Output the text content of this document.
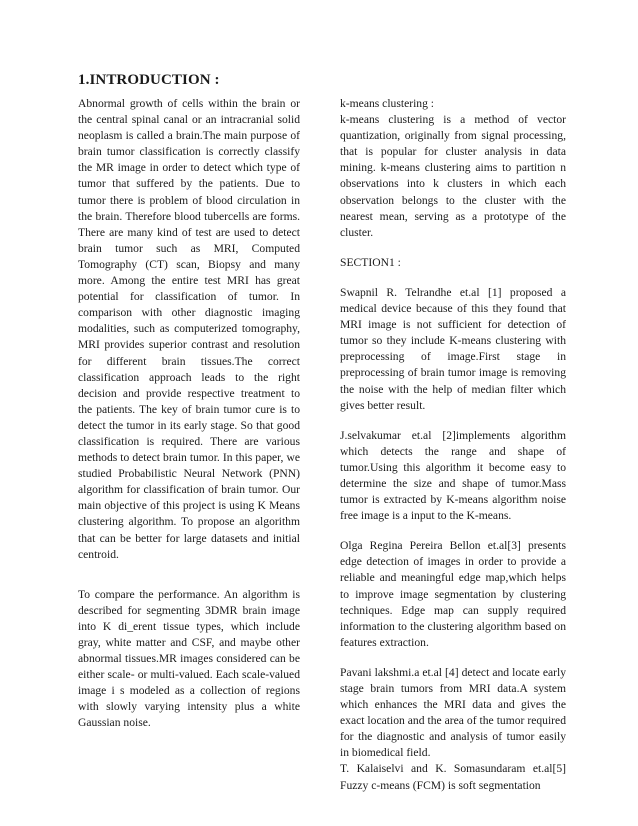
1.INTRODUCTION :

Abnormal growth of cells within the brain or the central spinal canal or an intracranial solid neoplasm is called a brain.The main purpose of brain tumor classification is correctly classify the MR image in order to detect which type of tumor that suffered by the patients. Due to tumor there is problem of blood circulation in the brain. Therefore blood tubercells are forms. There are many kind of test are used to detect brain tumor such as MRI, Computed Tomography (CT) scan, Biopsy and many more. Among the entire test MRI has great potential for classification of tumor. In comparison with other diagnostic imaging modalities, such as computerized tomography, MRI provides superior contrast and resolution for different brain tissues.The correct classification approach leads to the right decision and provide respective treatment to the patients. The key of brain tumor cure is to detect the tumor in its early stage. So that good classification is required. There are various methods to detect brain tumor. In this paper, we studied Probabilistic Neural Network (PNN) algorithm for classification of brain tumor. Our main objective of this project is using K Means clustering algorithm. To propose an algorithm that can be better for large datasets and initial centroid.

To compare the performance. An algorithm is described for segmenting 3DMR brain image into K di_erent tissue types, which include gray, white matter and CSF, and maybe other abnormal tissues.MR images considered can be either scale- or multi-valued. Each scale-valued image i s modeled as a collection of regions with slowly varying intensity plus a white Gaussian noise.

k-means clustering :

k-means clustering is a method of vector quantization, originally from signal processing, that is popular for cluster analysis in data mining. k-means clustering aims to partition n observations into k clusters in which each observation belongs to the cluster with the nearest mean, serving as a prototype of the cluster.

SECTION1 :

Swapnil R. Telrandhe et.al [1] proposed a medical device because of this they found that MRI image is not sufficient for detection of tumor so they include K-means clustering with preprocessing of image.First stage in preprocessing of brain tumor image is removing the noise with the help of median filter which gives better result.

J.selvakumar et.al [2]implements algorithm which detects the range and shape of tumor.Using this algorithm it become easy to determine the size and shape of tumor.Mass tumor is extracted by K-means algorithm noise free image is a input to the K-means.

Olga Regina Pereira Bellon et.al[3] presents edge detection of images in order to provide a reliable and meaningful edge map,which helps to improve image segmentation by clustering techniques. Edge map can supply required information to the clustering algorithm based on features extraction.

Pavani lakshmi.a et.al [4] detect and locate early stage brain tumors from MRI data.A system which enhances the MRI data and gives the exact location and the area of the tumor required for the diagnostic and analysis of tumor easily in biomedical field.

T. Kalaiselvi and K. Somasundaram et.al[5] Fuzzy c-means (FCM) is soft segmentation
